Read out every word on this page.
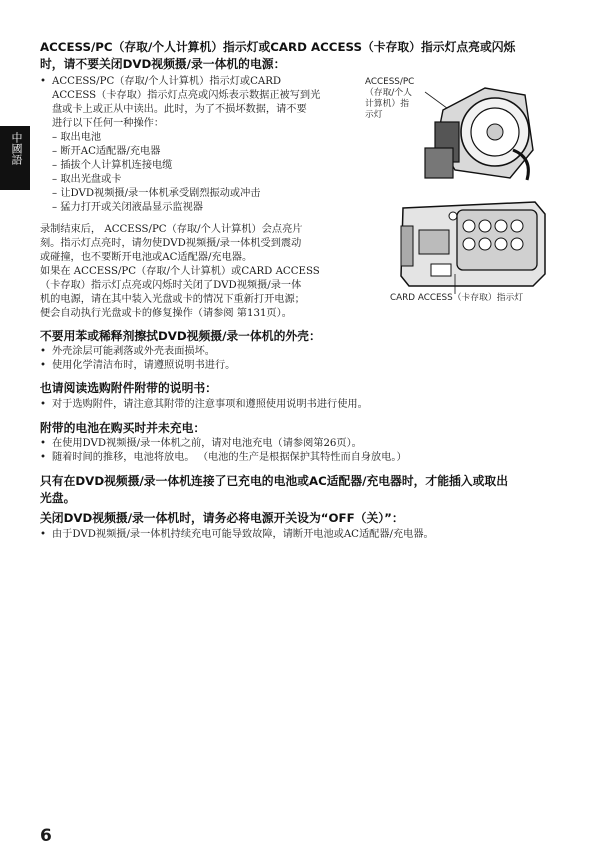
中國語
ACCESS/PC（存取/个人计算机）指示灯或CARD ACCESS（卡存取）指示灯点亮或闪烁
时，请不要关闭DVD视频摄/录一体机的电源：
• ACCESS/PC（存取/个人计算机）指示灯或CARD
ACCESS（卡存取）指示灯点亮或闪烁表示数据正被写到光
盘或卡上或正从中读出。此时，为了不损坏数据，请不要
进行以下任何一种操作：
– 取出电池
– 断开AC适配器/充电器
– 插拔个人计算机连接电缆
– 取出光盘或卡
– 让DVD视频摄/录一体机承受剧烈振动或冲击
– 猛力打开或关闭液晶显示监视器
录制结束后， ACCESS/PC（存取/个人计算机）会点亮片
刻。指示灯点亮时，请勿使DVD视频摄/录一体机受到震动
或碰撞，也不要断开电池或AC适配器/充电器。
如果在 ACCESS/PC（存取/个人计算机）或CARD ACCESS
（卡存取）指示灯点亮或闪烁时关闭了DVD视频摄/录一体
机的电源，请在其中装入光盘或卡的情况下重新打开电源；
便会自动执行光盘或卡的修复操作（请参阅 第131页）。
ACCESS/PC
（存取/个人
计算机）指
示灯
CARD ACCESS（卡存取）指示灯
不要用苯或稀释剂擦拭DVD视频摄/录一体机的外壳：
• 外壳涂层可能剥落或外壳表面损坏。
• 使用化学清洁布时，请遵照说明书进行。
也请阅读选购附件附带的说明书：
• 对于选购附件，请注意其附带的注意事项和遵照使用说明书进行使用。
附带的电池在购买时并未充电：
• 在使用DVD视频摄/录一体机之前，请对电池充电（请参阅第26页）。
• 随着时间的推移，电池将放电。 （电池的生产是根据保护其特性而自身放电。）
只有在DVD视频摄/录一体机连接了已充电的电池或AC适配器/充电器时，才能插入或取出
光盘。
关闭DVD视频摄/录一体机时，请务必将电源开关设为“OFF（关）”：
• 由于DVD视频摄/录一体机持续充电可能导致故障，请断开电池或AC适配器/充电器。
6
